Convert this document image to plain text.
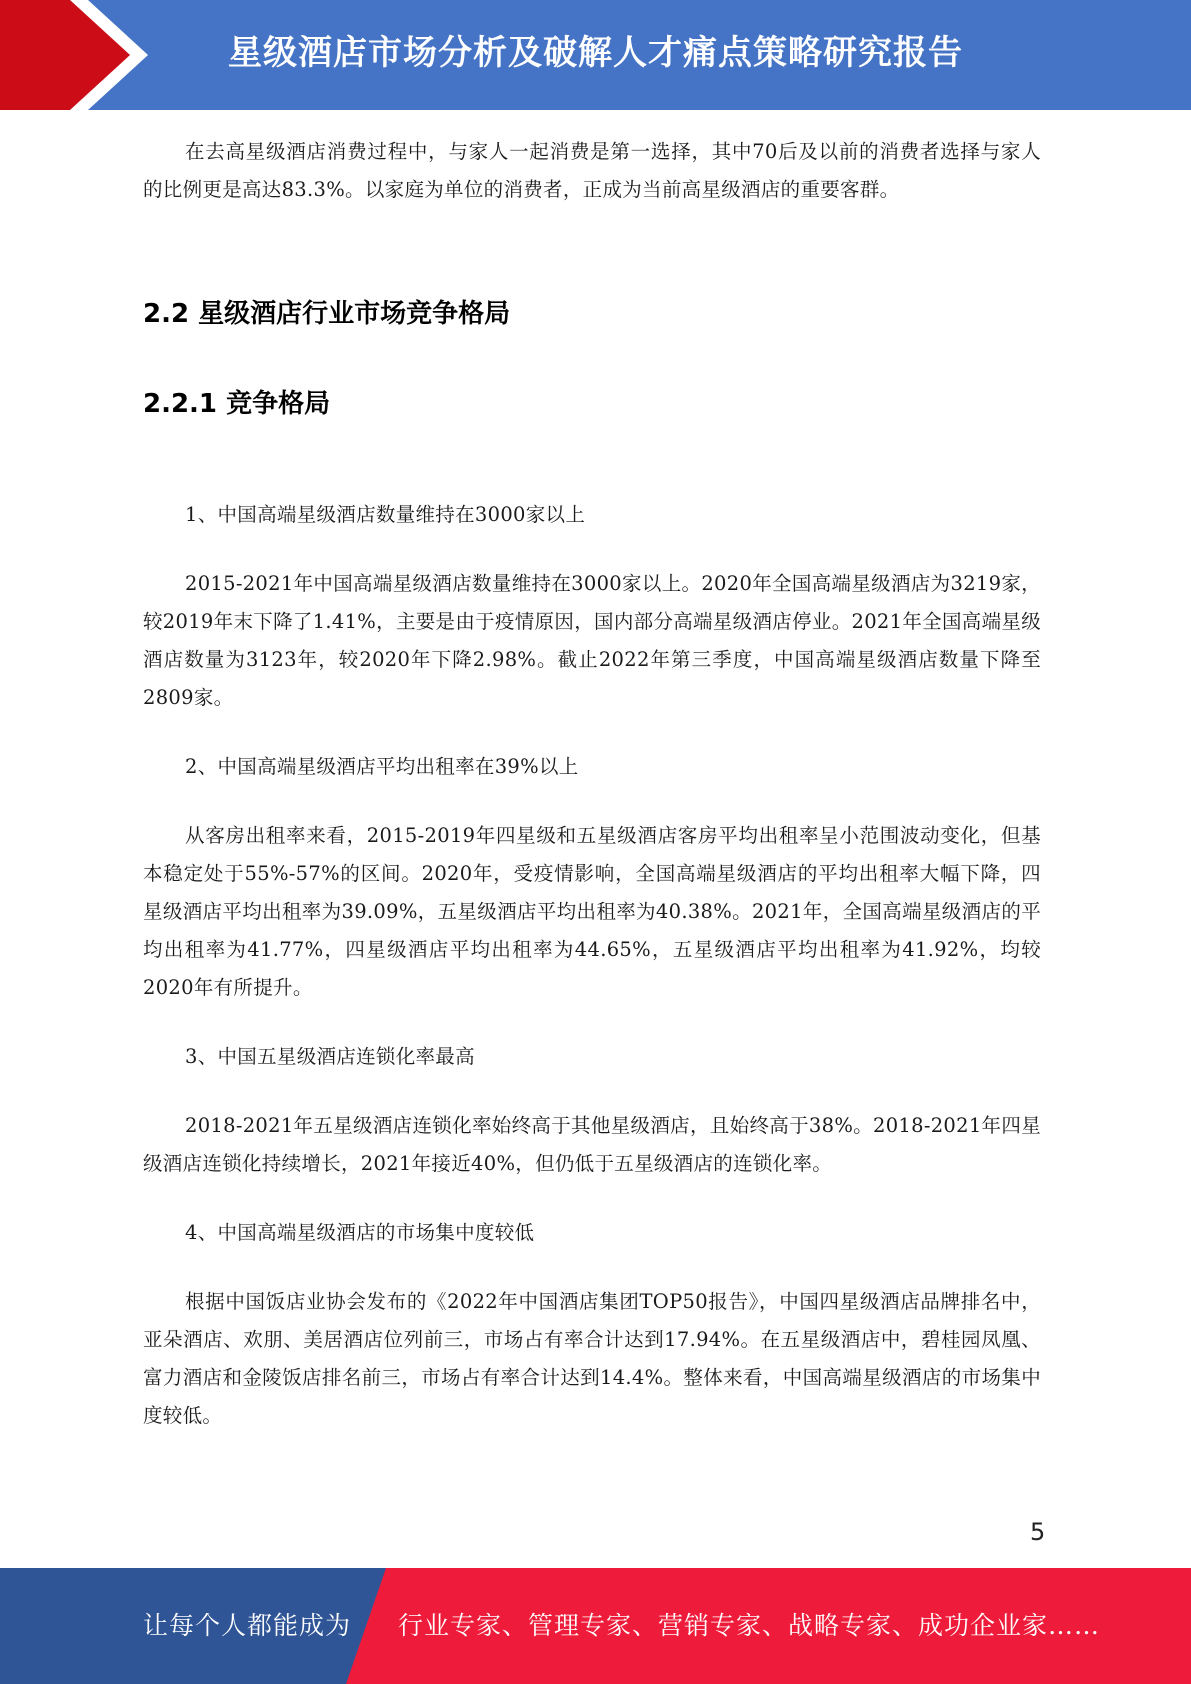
星级酒店市场分析及破解人才痛点策略研究报告

在去高星级酒店消费过程中，与家人一起消费是第一选择，其中70后及以前的消费者选择与家人的比例更是高达83.3%。以家庭为单位的消费者，正成为当前高星级酒店的重要客群。

2.2 星级酒店行业市场竞争格局
2.2.1 竞争格局

1、中国高端星级酒店数量维持在3000家以上

2015-2021年中国高端星级酒店数量维持在3000家以上。2020年全国高端星级酒店为3219家，较2019年末下降了1.41%，主要是由于疫情原因，国内部分高端星级酒店停业。2021年全国高端星级酒店数量为3123年，较2020年下降2.98%。截止2022年第三季度，中国高端星级酒店数量下降至2809家。

2、中国高端星级酒店平均出租率在39%以上

从客房出租率来看，2015-2019年四星级和五星级酒店客房平均出租率呈小范围波动变化，但基本稳定处于55%-57%的区间。2020年，受疫情影响，全国高端星级酒店的平均出租率大幅下降，四星级酒店平均出租率为39.09%，五星级酒店平均出租率为40.38%。2021年，全国高端星级酒店的平均出租率为41.77%，四星级酒店平均出租率为44.65%，五星级酒店平均出租率为41.92%，均较2020年有所提升。

3、中国五星级酒店连锁化率最高

2018-2021年五星级酒店连锁化率始终高于其他星级酒店，且始终高于38%。2018-2021年四星级酒店连锁化持续增长，2021年接近40%，但仍低于五星级酒店的连锁化率。

4、中国高端星级酒店的市场集中度较低

根据中国饭店业协会发布的《2022年中国酒店集团TOP50报告》，中国四星级酒店品牌排名中，亚朵酒店、欢朋、美居酒店位列前三，市场占有率合计达到17.94%。在五星级酒店中，碧桂园凤凰、富力酒店和金陵饭店排名前三，市场占有率合计达到14.4%。整体来看，中国高端星级酒店的市场集中度较低。

5
让每个人都能成为 行业专家、管理专家、营销专家、战略专家、成功企业家……
